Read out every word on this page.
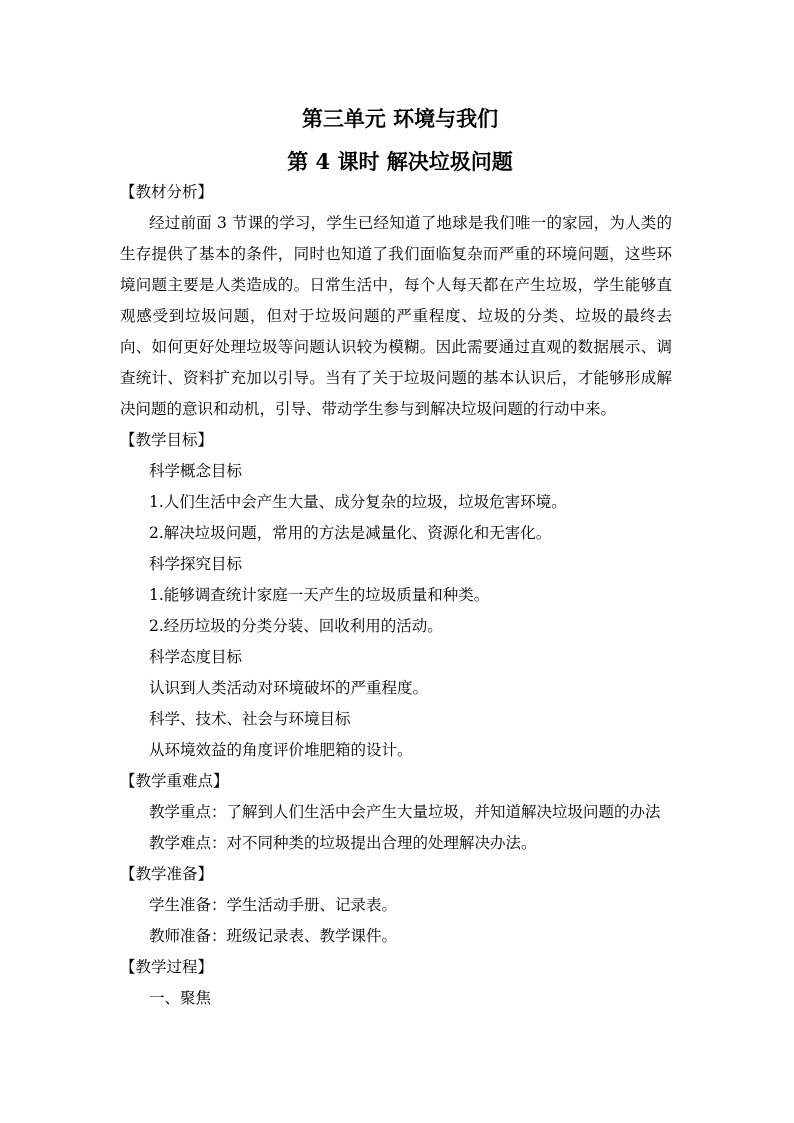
第三单元 环境与我们
第 4 课时 解决垃圾问题
【教材分析】

经过前面 3 节课的学习，学生已经知道了地球是我们唯一的家园，为人类的生存提供了基本的条件，同时也知道了我们面临复杂而严重的环境问题，这些环境问题主要是人类造成的。日常生活中，每个人每天都在产生垃圾，学生能够直观感受到垃圾问题，但对于垃圾问题的严重程度、垃圾的分类、垃圾的最终去向、如何更好处理垃圾等问题认识较为模糊。因此需要通过直观的数据展示、调查统计、资料扩充加以引导。当有了关于垃圾问题的基本认识后，才能够形成解决问题的意识和动机，引导、带动学生参与到解决垃圾问题的行动中来。

【教学目标】
科学概念目标
1.人们生活中会产生大量、成分复杂的垃圾，垃圾危害环境。
2.解决垃圾问题，常用的方法是减量化、资源化和无害化。
科学探究目标
1.能够调查统计家庭一天产生的垃圾质量和种类。
2.经历垃圾的分类分装、回收利用的活动。
科学态度目标
认识到人类活动对环境破坏的严重程度。
科学、技术、社会与环境目标
从环境效益的角度评价堆肥箱的设计。
【教学重难点】
教学重点：了解到人们生活中会产生大量垃圾，并知道解决垃圾问题的办法
教学难点：对不同种类的垃圾提出合理的处理解决办法。
【教学准备】
学生准备：学生活动手册、记录表。
教师准备：班级记录表、教学课件。
【教学过程】
一、聚焦
